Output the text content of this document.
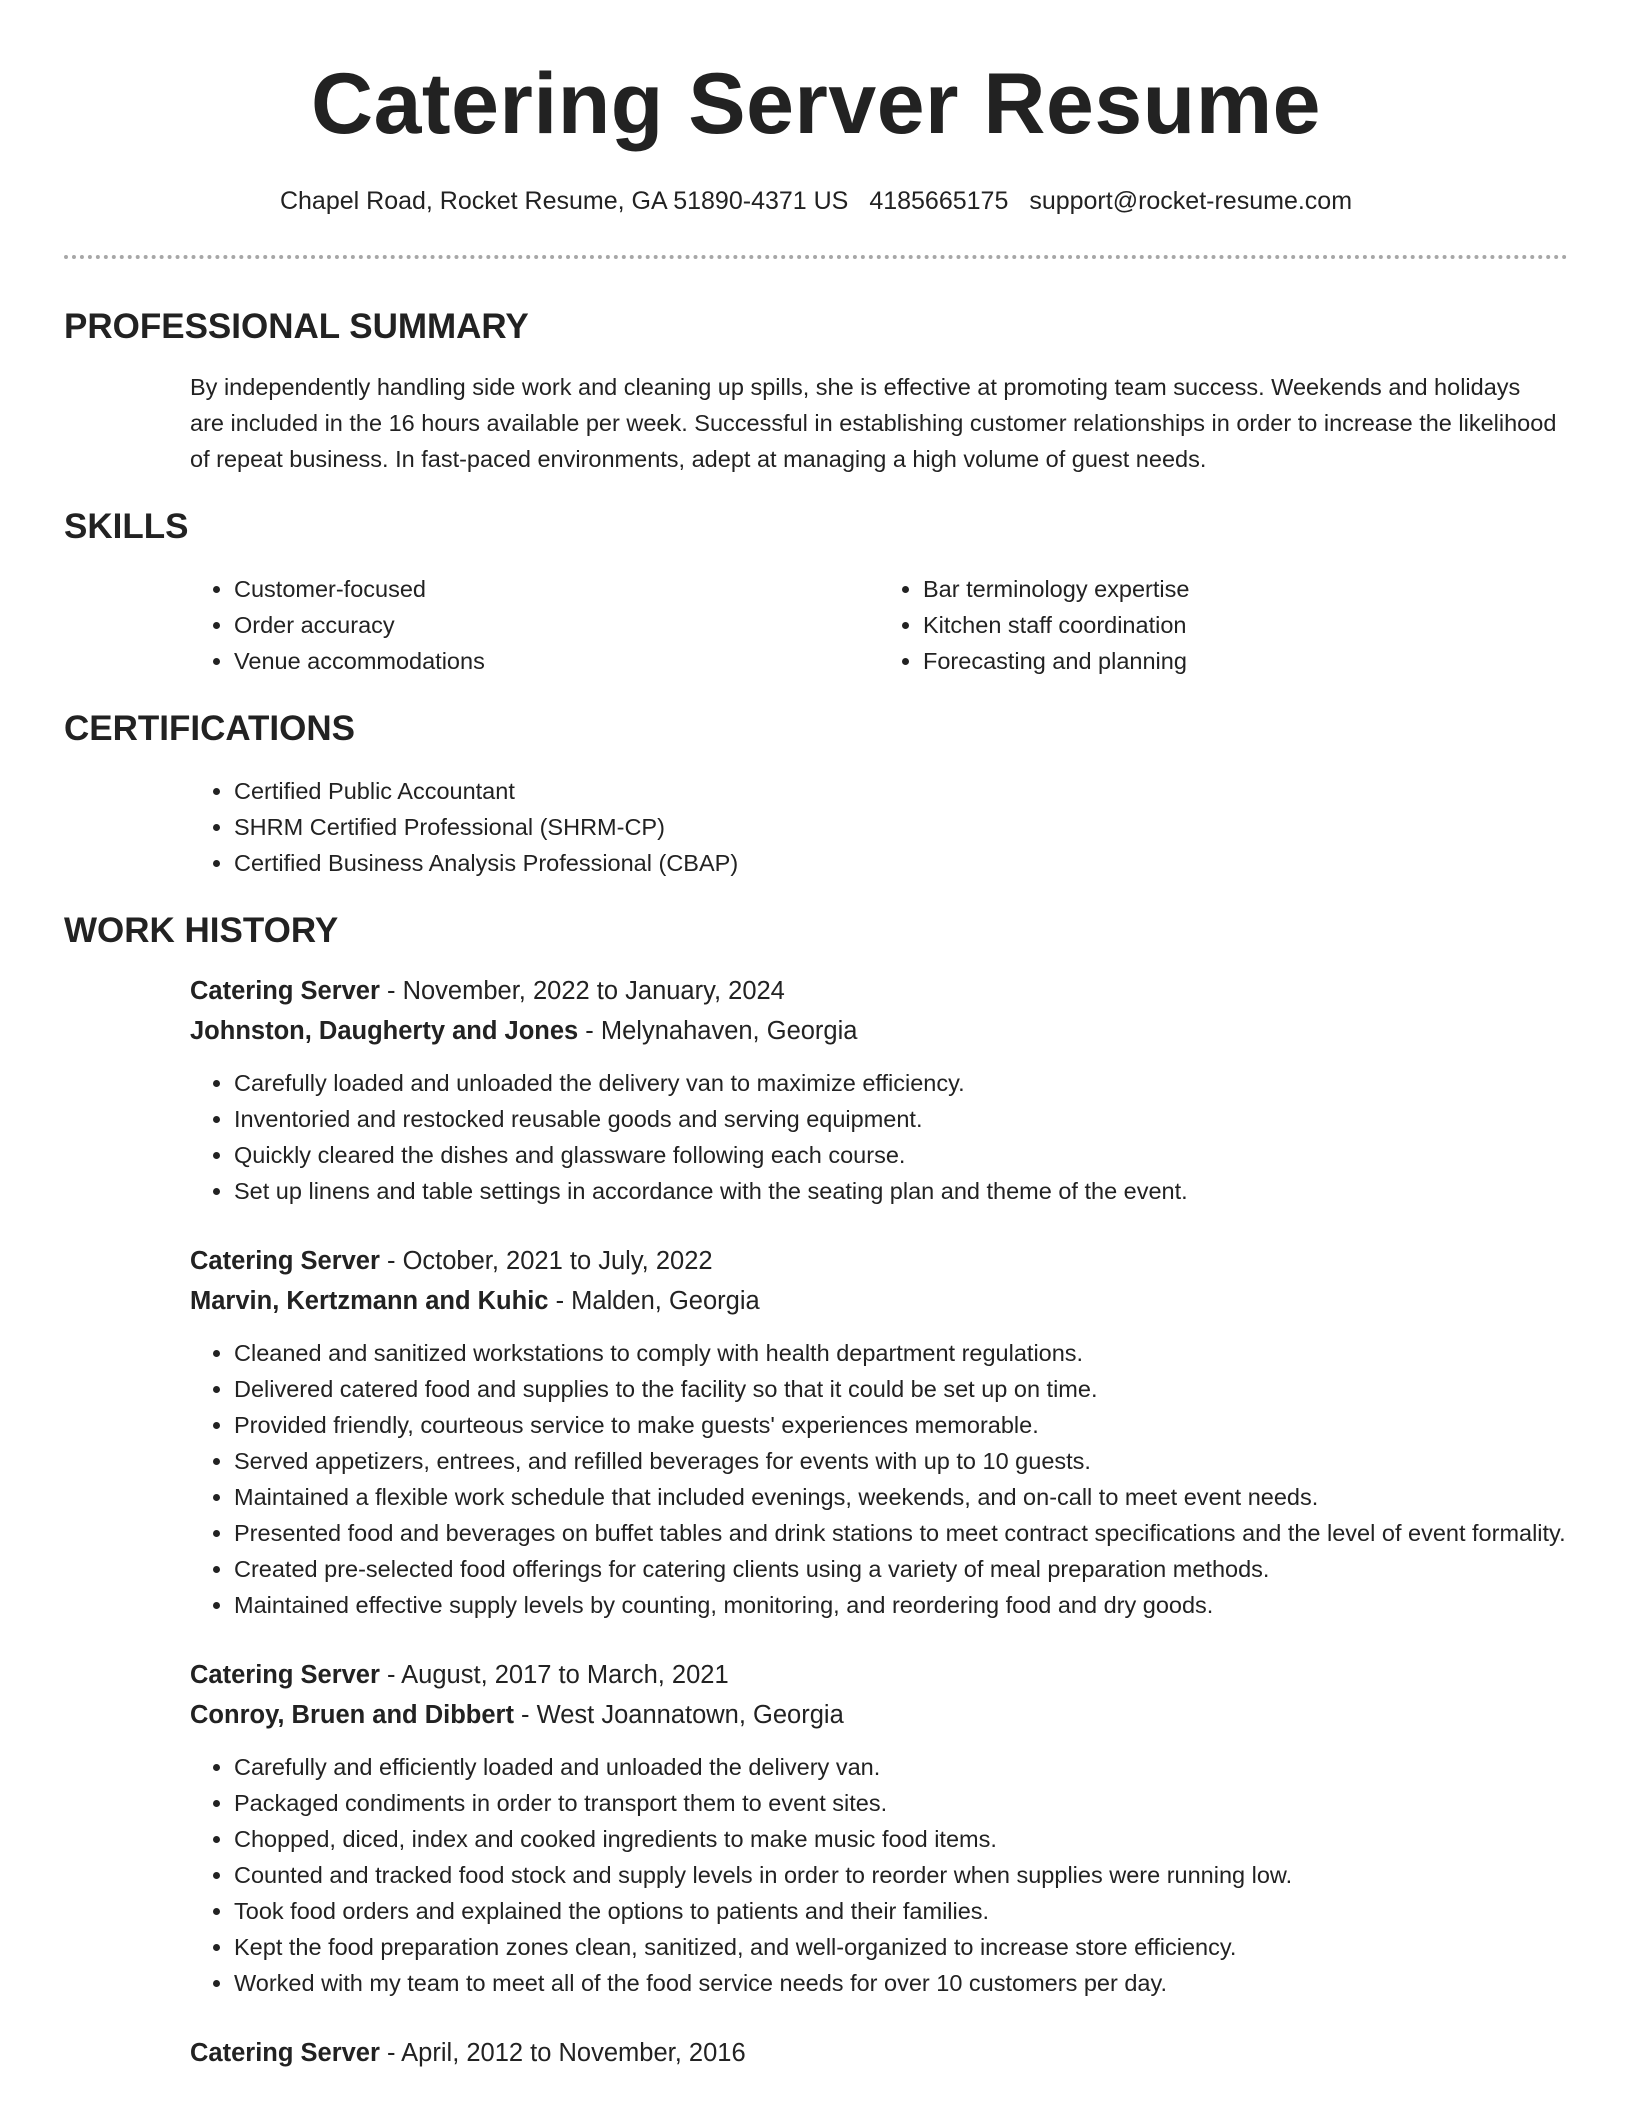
Catering Server Resume
Chapel Road, Rocket Resume, GA 51890-4371 US 4185665175 support@rocket-resume.com
PROFESSIONAL SUMMARY

By independently handling side work and cleaning up spills, she is effective at promoting team success. Weekends and holidays are included in the 16 hours available per week. Successful in establishing customer relationships in order to increase the likelihood of repeat business. In fast-paced environments, adept at managing a high volume of guest needs.

SKILLS
• Customer-focused
• Order accuracy
• Venue accommodations
• Bar terminology expertise
• Kitchen staff coordination
• Forecasting and planning
CERTIFICATIONS
• Certified Public Accountant
• SHRM Certified Professional (SHRM-CP)
• Certified Business Analysis Professional (CBAP)
WORK HISTORY
Catering Server - November, 2022 to January, 2024
Johnston, Daugherty and Jones - Melynahaven, Georgia
• Carefully loaded and unloaded the delivery van to maximize efficiency.
• Inventoried and restocked reusable goods and serving equipment.
• Quickly cleared the dishes and glassware following each course.
• Set up linens and table settings in accordance with the seating plan and theme of the event.
Catering Server - October, 2021 to July, 2022
Marvin, Kertzmann and Kuhic - Malden, Georgia
• Cleaned and sanitized workstations to comply with health department regulations.
• Delivered catered food and supplies to the facility so that it could be set up on time.
• Provided friendly, courteous service to make guests' experiences memorable.
• Served appetizers, entrees, and refilled beverages for events with up to 10 guests.
• Maintained a flexible work schedule that included evenings, weekends, and on-call to meet event needs.
• Presented food and beverages on buffet tables and drink stations to meet contract specifications and the level of event formality.
• Created pre-selected food offerings for catering clients using a variety of meal preparation methods.
• Maintained effective supply levels by counting, monitoring, and reordering food and dry goods.
Catering Server - August, 2017 to March, 2021
Conroy, Bruen and Dibbert - West Joannatown, Georgia
• Carefully and efficiently loaded and unloaded the delivery van.
• Packaged condiments in order to transport them to event sites.
• Chopped, diced, index and cooked ingredients to make music food items.
• Counted and tracked food stock and supply levels in order to reorder when supplies were running low.
• Took food orders and explained the options to patients and their families.
• Kept the food preparation zones clean, sanitized, and well-organized to increase store efficiency.
• Worked with my team to meet all of the food service needs for over 10 customers per day.
Catering Server - April, 2012 to November, 2016
